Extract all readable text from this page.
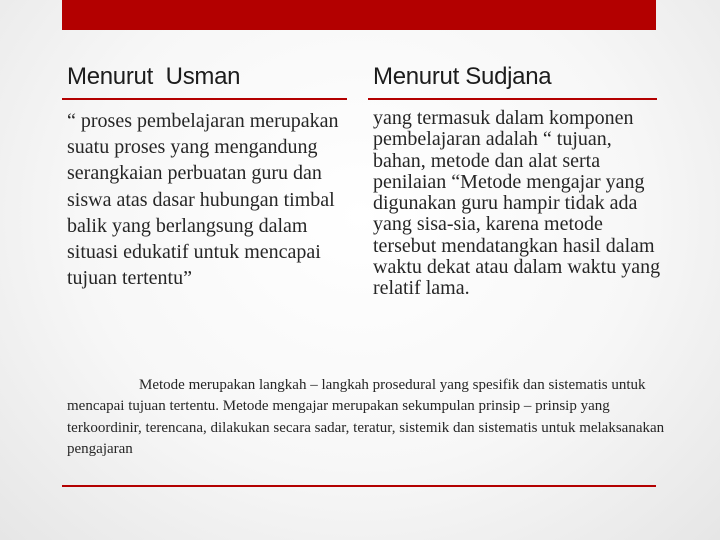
Menurut  Usman	Menurut Sudjana
“ proses pembelajaran merupakan suatu proses yang mengandung serangkaian perbuatan guru dan siswa atas dasar hubungan timbal balik yang berlangsung dalam situasi edukatif untuk mencapai tujuan tertentu”
yang termasuk dalam komponen pembelajaran adalah “ tujuan, bahan, metode dan alat serta penilaian “Metode mengajar yang digunakan guru hampir tidak ada yang sisa-sia, karena metode tersebut mendatangkan hasil dalam waktu dekat atau dalam waktu yang relatif lama.
Metode merupakan langkah – langkah prosedural yang spesifik dan sistematis untuk mencapai tujuan tertentu. Metode mengajar merupakan sekumpulan prinsip – prinsip yang terkoordinir, terencana, dilakukan secara sadar, teratur, sistemik dan sistematis untuk melaksanakan pengajaran
